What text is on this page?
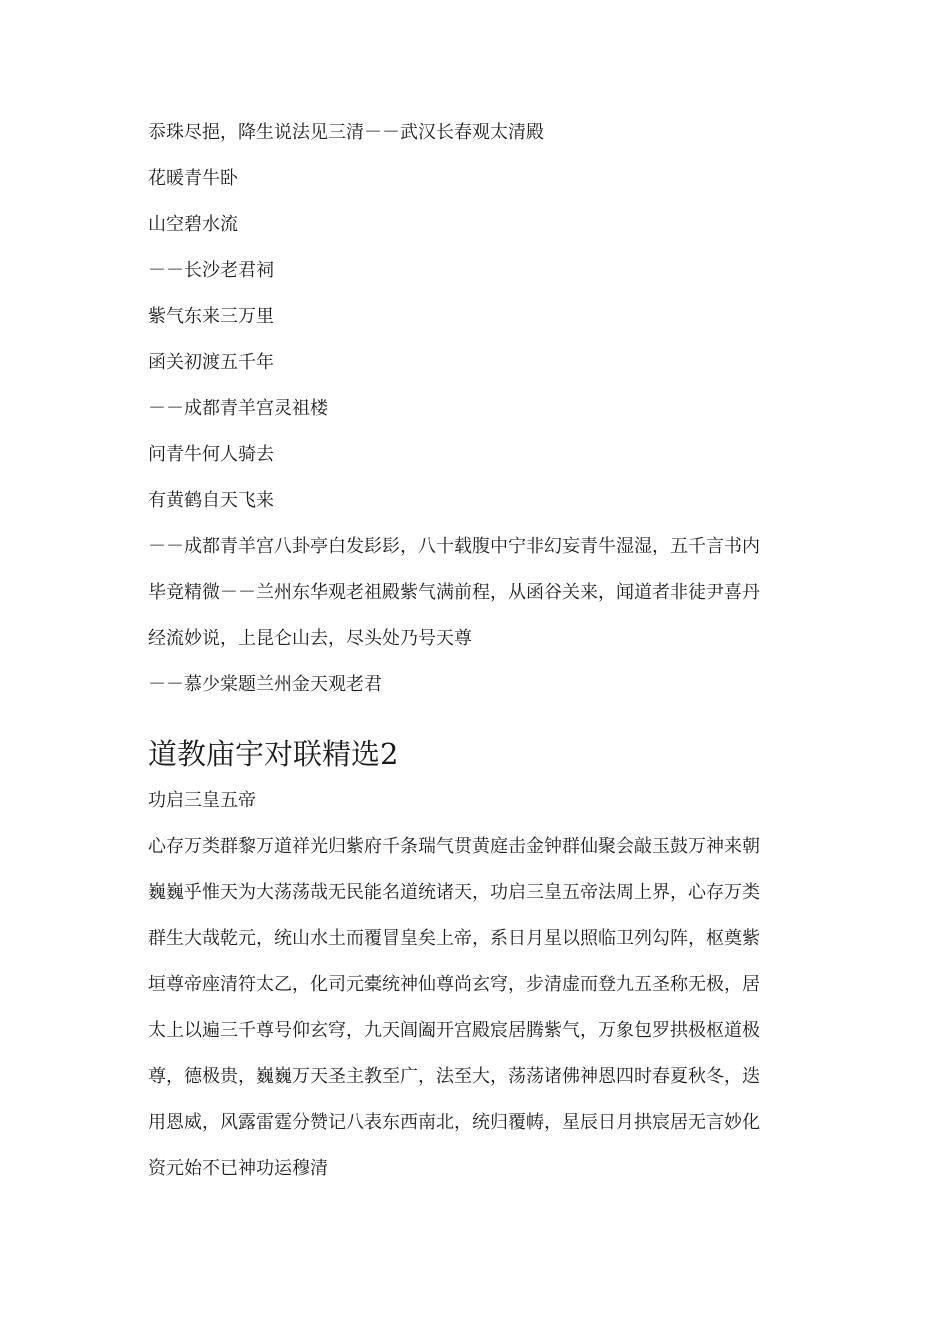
忝珠尽挹，降生说法见三清－－武汉长春观太清殿
花暖青牛卧
山空碧水流
－－长沙老君祠
紫气东来三万里
函关初渡五千年
－－成都青羊宫灵祖楼
问青牛何人骑去
有黄鹤自天飞来
－－成都青羊宫八卦亭白发髟髟，八十载腹中宁非幻妄青牛湿湿，五千言书内
毕竟精微－－兰州东华观老祖殿紫气满前程，从函谷关来，闻道者非徒尹喜丹
经流妙说，上昆仑山去，尽头处乃号天尊
－－慕少棠题兰州金天观老君
道教庙宇对联精选2
功启三皇五帝
心存万类群黎万道祥光归紫府千条瑞气贯黄庭击金钟群仙聚会敲玉鼓万神来朝
巍巍乎惟天为大荡荡哉无民能名道统诸天，功启三皇五帝法周上界，心存万类
群生大哉乾元，统山水土而覆冒皇矣上帝，系日月星以照临卫列勾阵，枢奠紫
垣尊帝座清符太乙，化司元橐统神仙尊尚玄穹，步清虚而登九五圣称无极，居
太上以遍三千尊号仰玄穹，九天阊阖开宫殿宸居腾紫气，万象包罗拱极枢道极
尊，德极贵，巍巍万天圣主教至广，法至大，荡荡诸佛神恩四时春夏秋冬，迭
用恩威，风露雷霆分赞记八表东西南北，统归覆帱，星辰日月拱宸居无言妙化
资元始不已神功运穆清
